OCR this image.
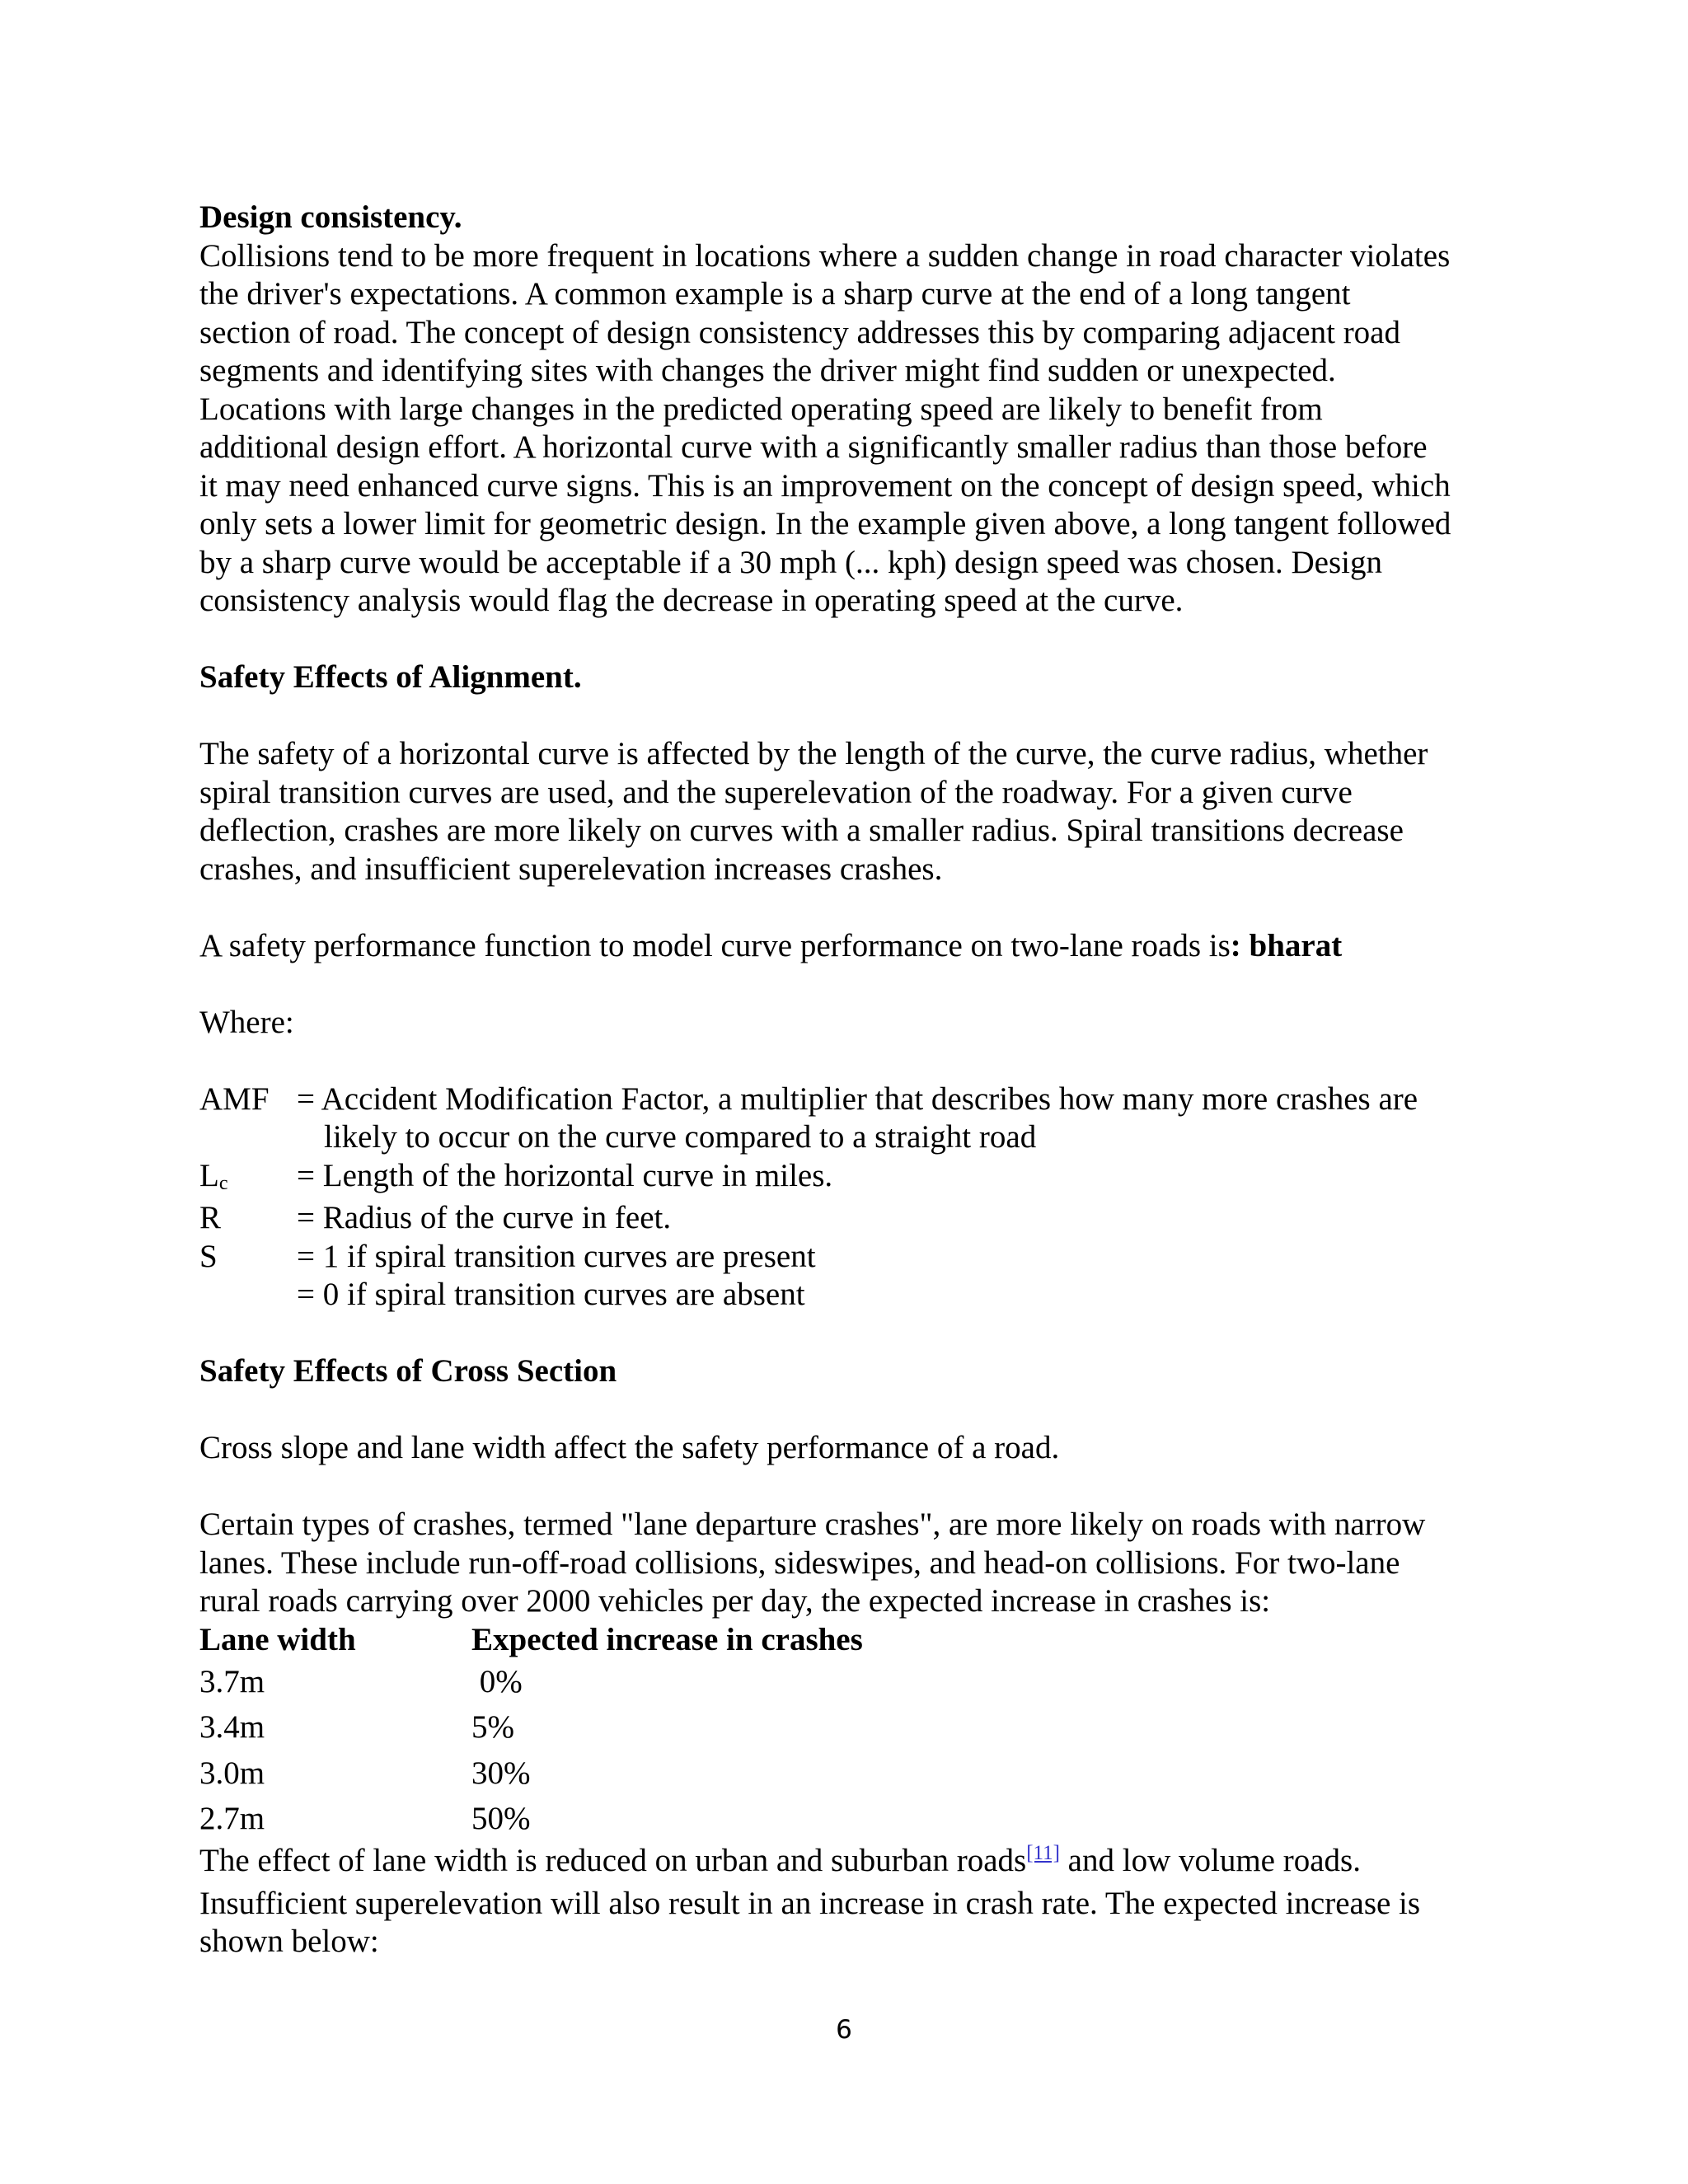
Design consistency.

Collisions tend to be more frequent in locations where a sudden change in road character violates
the driver's expectations. A common example is a sharp curve at the end of a long tangent
section of road. The concept of design consistency addresses this by comparing adjacent road
segments and identifying sites with changes the driver might find sudden or unexpected.
Locations with large changes in the predicted operating speed are likely to benefit from
additional design effort. A horizontal curve with a significantly smaller radius than those before
it may need enhanced curve signs. This is an improvement on the concept of design speed, which
only sets a lower limit for geometric design. In the example given above, a long tangent followed
by a sharp curve would be acceptable if a 30 mph (... kph) design speed was chosen. Design
consistency analysis would flag the decrease in operating speed at the curve.

Safety Effects of Alignment.

The safety of a horizontal curve is affected by the length of the curve, the curve radius, whether
spiral transition curves are used, and the superelevation of the roadway. For a given curve
deflection, crashes are more likely on curves with a smaller radius. Spiral transitions decrease
crashes, and insufficient superelevation increases crashes.

A safety performance function to model curve performance on two-lane roads is: bharat

Where:

AMF = Accident Modification Factor, a multiplier that describes how many more crashes are
likely to occur on the curve compared to a straight road
Lc	= Length of the horizontal curve in miles.
R	= Radius of the curve in feet.
S	= 1 if spiral transition curves are present
= 0 if spiral transition curves are absent

Safety Effects of Cross Section

Cross slope and lane width affect the safety performance of a road.

Certain types of crashes, termed "lane departure crashes", are more likely on roads with narrow
lanes. These include run-off-road collisions, sideswipes, and head-on collisions. For two-lane
rural roads carrying over 2000 vehicles per day, the expected increase in crashes is:

Lane width	Expected increase in crashes
3.7m	0%
3.4m	5%
3.0m	30%
2.7m	50%

The effect of lane width is reduced on urban and suburban roads[11] and low volume roads.
Insufficient superelevation will also result in an increase in crash rate. The expected increase is
shown below:

6
